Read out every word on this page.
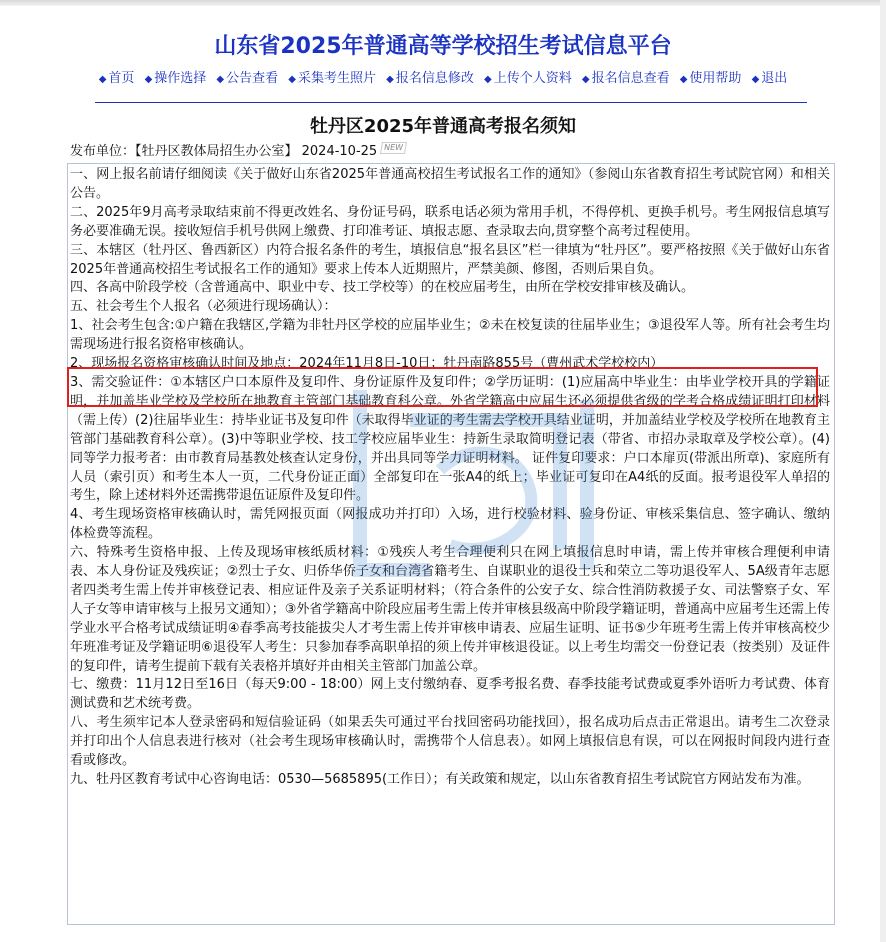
山东省2025年普通高等学校招生考试信息平台
◆ 首页 ◆ 操作选择 ◆ 公告查看 ◆ 采集考生照片 ◆ 报名信息修改 ◆ 上传个人资料 ◆ 报名信息查看 ◆ 使用帮助 ◆ 退出
牡丹区2025年普通高考报名须知
发布单位：【牡丹区教体局招生办公室】 2024-10-25 NEW

一、网上报名前请仔细阅读《关于做好山东省2025年普通高校招生考试报名工作的通知》（参阅山东省教育招生考试院官网）和相关公告。

二、2025年9月高考录取结束前不得更改姓名、身份证号码，联系电话必须为常用手机，不得停机、更换手机号。考生网报信息填写务必要准确无误。接收短信手机号供网上缴费、打印准考证、填报志愿、查录取去向,贯穿整个高考过程使用。

三、本辖区（牡丹区、鲁西新区）内符合报名条件的考生，填报信息“报名县区”栏一律填为“牡丹区”。要严格按照《关于做好山东省2025年普通高校招生考试报名工作的通知》要求上传本人近期照片，严禁美颜、修图，否则后果自负。

四、各高中阶段学校（含普通高中、职业中专、技工学校等）的在校应届考生，由所在学校安排审核及确认。

五、社会考生个人报名（必须进行现场确认）：

1、社会考生包含:①户籍在我辖区,学籍为非牡丹区学校的应届毕业生；②未在校复读的往届毕业生；③退役军人等。所有社会考生均需现场进行报名资格审核确认。

2、现场报名资格审核确认时间及地点：2024年11月8日-10日；牡丹南路855号（曹州武术学校校内）

3、需交验证件：①本辖区户口本原件及复印件、身份证原件及复印件；②学历证明：(1)应届高中毕业生：由毕业学校开具的学籍证明，并加盖毕业学校及学校所在地教育主管部门基础教育科公章。外省学籍高中应届生还必须提供省级的学考合格成绩证明打印材料（需上传）(2)往届毕业生：持毕业证书及复印件（未取得毕业证的考生需去学校开具结业证明，并加盖结业学校及学校所在地教育主管部门基础教育科公章）。(3)中等职业学校、技工学校应届毕业生：持新生录取简明登记表（带省、市招办录取章及学校公章）。(4)同等学力报考者：由市教育局基教处核查认定身份，并出具同等学力证明材料。 证件复印要求：户口本扉页(带派出所章)、家庭所有人员（索引页）和考生本人一页，二代身份证正面）全部复印在一张A4的纸上；毕业证可复印在A4纸的反面。报考退役军人单招的考生，除上述材料外还需携带退伍证原件及复印件。

4、考生现场资格审核确认时，需凭网报页面（网报成功并打印）入场，进行校验材料、验身份证、审核采集信息、签字确认、缴纳体检费等流程。

六、特殊考生资格申报、上传及现场审核纸质材料：①残疾人考生合理便利只在网上填报信息时申请，需上传并审核合理便利申请表、本人身份证及残疾证；②烈士子女、归侨华侨子女和台湾省籍考生、自谋职业的退役士兵和荣立二等功退役军人、5A级青年志愿者四类考生需上传并审核登记表、相应证件及亲子关系证明材料；（符合条件的公安子女、综合性消防救援子女、司法警察子女、军人子女等申请审核与上报另文通知）；③外省学籍高中阶段应届考生需上传并审核县级高中阶段学籍证明，普通高中应届考生还需上传学业水平合格考试成绩证明④春季高考技能拔尖人才考生需上传并审核申请表、应届生证明、证书⑤少年班考生需上传并审核高校少年班准考证及学籍证明⑥退役军人考生：只参加春季高职单招的须上传并审核退役证。以上考生均需交一份登记表（按类别）及证件的复印件，请考生提前下载有关表格并填好并由相关主管部门加盖公章。

七、缴费：11月12日至16日（每天9:00 - 18:00）网上支付缴纳春、夏季考报名费、春季技能考试费或夏季外语听力考试费、体育测试费和艺术统考费。

八、考生须牢记本人登录密码和短信验证码（如果丢失可通过平台找回密码功能找回），报名成功后点击正常退出。请考生二次登录并打印出个人信息表进行核对（社会考生现场审核确认时，需携带个人信息表）。如网上填报信息有误，可以在网报时间段内进行查看或修改。

九、牡丹区教育考试中心咨询电话：0530—5685895(工作日）；有关政策和规定，以山东省教育招生考试院官方网站发布为准。
